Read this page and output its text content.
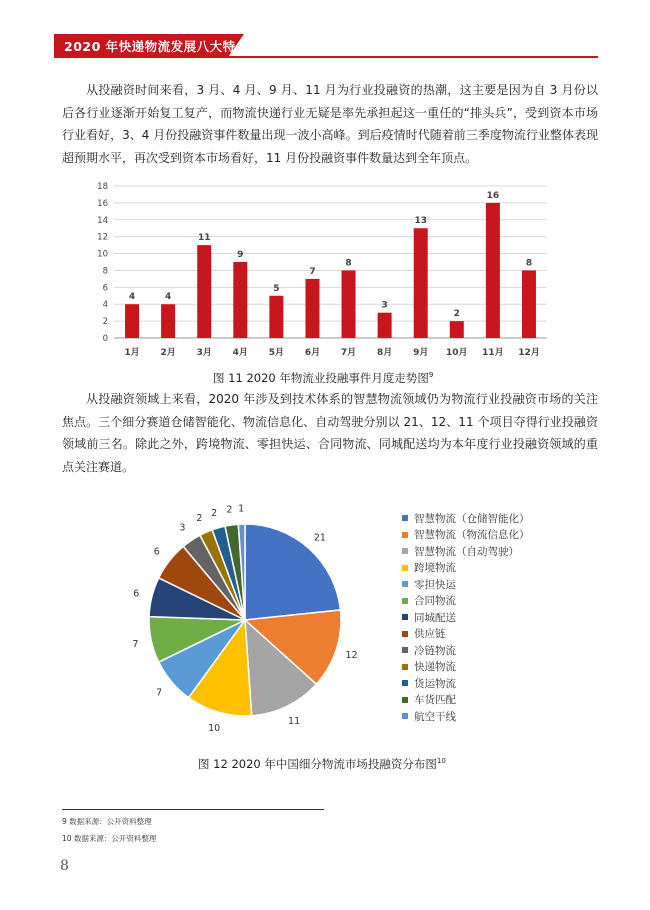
2020 年快递物流发展八大特点

从投融资时间来看，3 月、4 月、9 月、11 月为行业投融资的热潮，这主要是因为自 3 月份以后各行业逐渐开始复工复产，而物流快递行业无疑是率先承担起这一重任的“排头兵”，受到资本市场行业看好，3、4 月份投融资事件数量出现一波小高峰。到后疫情时代随着前三季度物流行业整体表现超预期水平，再次受到资本市场看好，11 月份投融资事件数量达到全年顶点。

0
2
4
6
8
10
12
14
16
18
4
1月
4
2月
11
3月
9
4月
5
5月
7
6月
8
7月
3
8月
13
9月
2
10月
16
11月
8
12月
图 11 2020 年物流业投融事件月度走势图$^9$

从投融资领域上来看，2020 年涉及到技术体系的智慧物流领域仍为物流行业投融资市场的关注焦点。三个细分赛道仓储智能化、物流信息化、自动驾驶分别以 21、12、11 个项目夺得行业投融资领域前三名。除此之外，跨境物流、零担快运、合同物流、同城配送均为本年度行业投融资领域的重点关注赛道。

21
12
11
10
7
7
6
6
3
2 2 2 1
智慧物流（仓储智能化）
智慧物流（物流信息化）
智慧物流（自动驾驶）
跨境物流
零担快运
合同物流
同城配送
供应链
冷链物流
快递物流
货运物流
车货匹配
航空干线
图 12 2020 年中国细分物流市场投融资分布图$^{10}$
9 数据来源：公开资料整理
10 数据来源：公开资料整理
8
